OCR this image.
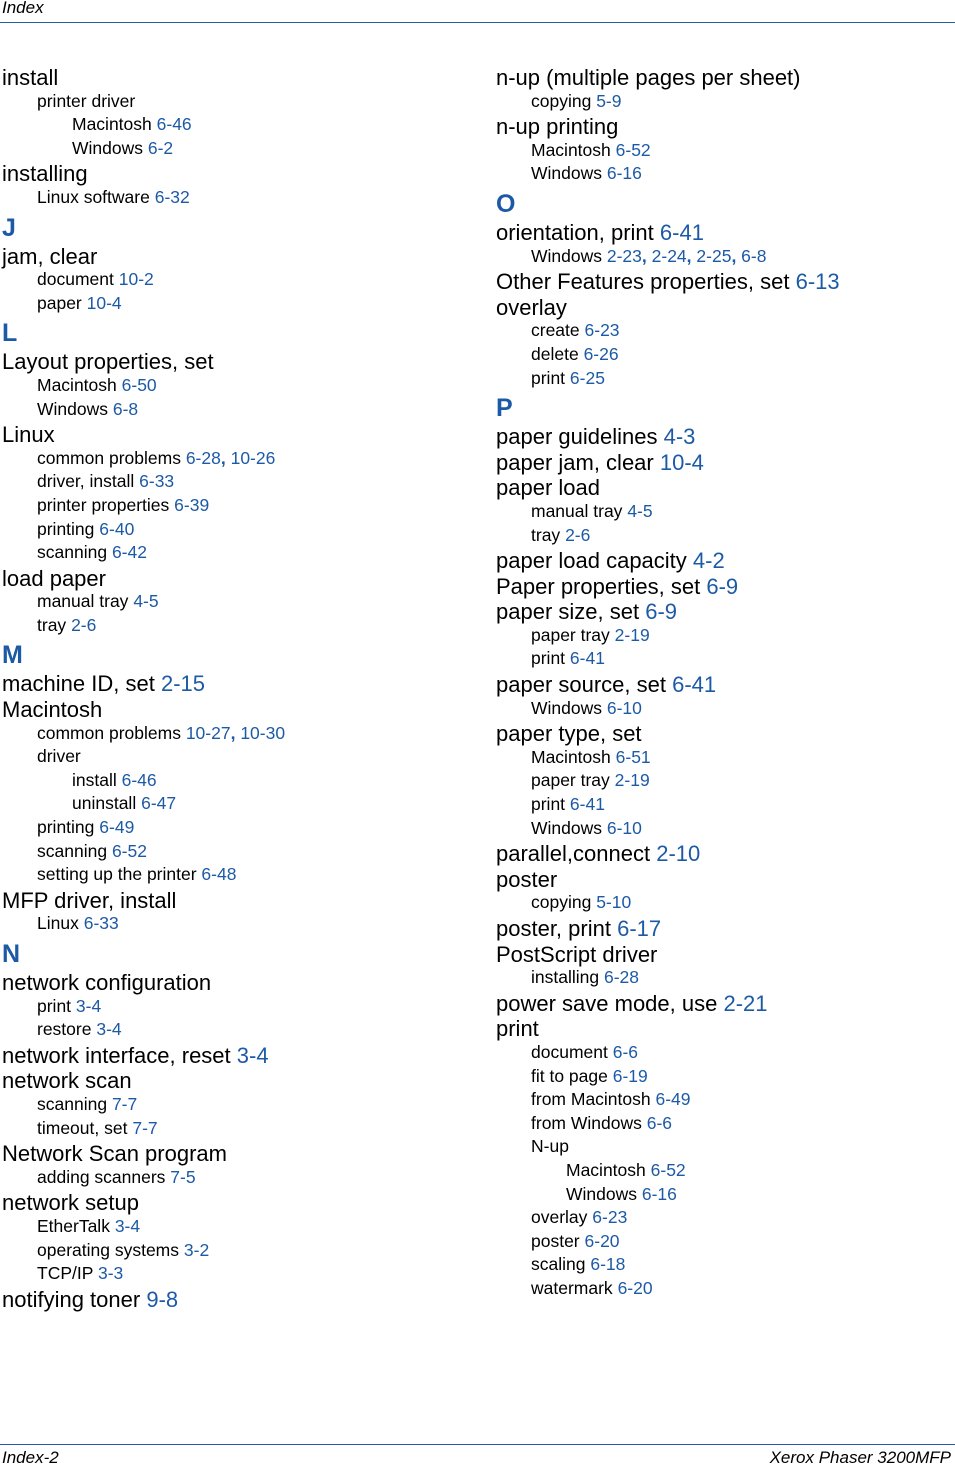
Index
install
printer driver
Macintosh 6-46
Windows 6-2
installing
Linux software 6-32
J
jam, clear
document 10-2
paper 10-4
L
Layout properties, set
Macintosh 6-50
Windows 6-8
Linux
common problems 6-28, 10-26
driver, install 6-33
printer properties 6-39
printing 6-40
scanning 6-42
load paper
manual tray 4-5
tray 2-6
M
machine ID, set 2-15
Macintosh
common problems 10-27, 10-30
driver
install 6-46
uninstall 6-47
printing 6-49
scanning 6-52
setting up the printer 6-48
MFP driver, install
Linux 6-33
N
network configuration
print 3-4
restore 3-4
network interface, reset 3-4
network scan
scanning 7-7
timeout, set 7-7
Network Scan program
adding scanners 7-5
network setup
EtherTalk 3-4
operating systems 3-2
TCP/IP 3-3
notifying toner 9-8
n-up (multiple pages per sheet)
copying 5-9
n-up printing
Macintosh 6-52
Windows 6-16
O
orientation, print 6-41
Windows 2-23, 2-24, 2-25, 6-8
Other Features properties, set 6-13
overlay
create 6-23
delete 6-26
print 6-25
P
paper guidelines 4-3
paper jam, clear 10-4
paper load
manual tray 4-5
tray 2-6
paper load capacity 4-2
Paper properties, set 6-9
paper size, set 6-9
paper tray 2-19
print 6-41
paper source, set 6-41
Windows 6-10
paper type, set
Macintosh 6-51
paper tray 2-19
print 6-41
Windows 6-10
parallel,connect 2-10
poster
copying 5-10
poster, print 6-17
PostScript driver
installing 6-28
power save mode, use 2-21
print
document 6-6
fit to page 6-19
from Macintosh 6-49
from Windows 6-6
N-up
Macintosh 6-52
Windows 6-16
overlay 6-23
poster 6-20
scaling 6-18
watermark 6-20
Index-2	Xerox Phaser 3200MFP
